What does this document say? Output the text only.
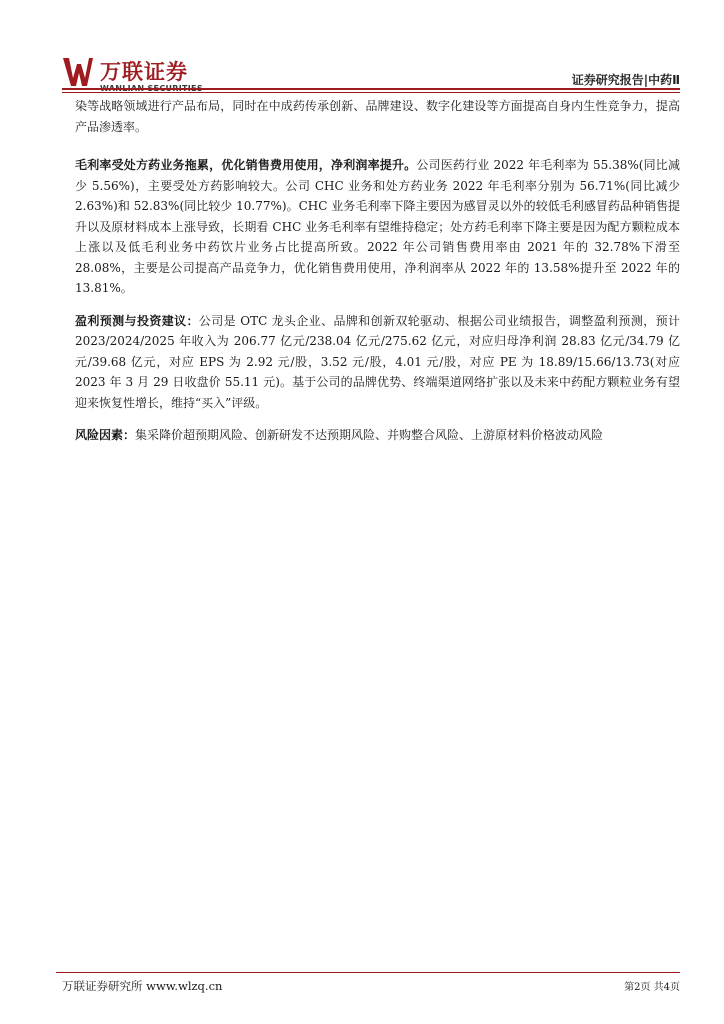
万联证券	证券研究报告|中药Ⅱ

染等战略领域进行产品布局，同时在中成药传承创新、品牌建设、数字化建设等方面提高自身内生性竞争力，提高产品渗透率。

毛利率受处方药业务拖累，优化销售费用使用，净利润率提升。公司医药行业 2022 年毛利率为 55.38%(同比减少 5.56%)，主要受处方药影响较大。公司 CHC 业务和处方药业务 2022 年毛利率分别为 56.71%(同比减少 2.63%)和 52.83%(同比较少 10.77%)。CHC 业务毛利率下降主要因为感冒灵以外的较低毛利感冒药品种销售提升以及原材料成本上涨导致，长期看 CHC 业务毛利率有望维持稳定；处方药毛利率下降主要是因为配方颗粒成本上涨以及低毛利业务中药饮片业务占比提高所致。2022 年公司销售费用率由 2021 年的 32.78%下滑至 28.08%，主要是公司提高产品竞争力，优化销售费用使用，净利润率从 2022 年的 13.58%提升至 2022 年的 13.81%。

盈利预测与投资建议：公司是 OTC 龙头企业、品牌和创新双轮驱动、根据公司业绩报告，调整盈利预测，预计 2023/2024/2025 年收入为 206.77 亿元/238.04 亿元/275.62 亿元，对应归母净利润 28.83 亿元/34.79 亿元/39.68 亿元，对应 EPS 为 2.92 元/股，3.52 元/股，4.01 元/股，对应 PE 为 18.89/15.66/13.73(对应 2023 年 3 月 29 日收盘价 55.11 元)。基于公司的品牌优势、终端渠道网络扩张以及未来中药配方颗粒业务有望迎来恢复性增长，维持“买入”评级。

风险因素：集采降价超预期风险、创新研发不达预期风险、并购整合风险、上游原材料价格波动风险

万联证券研究所 www.wlzq.cn	第2页 共4页
